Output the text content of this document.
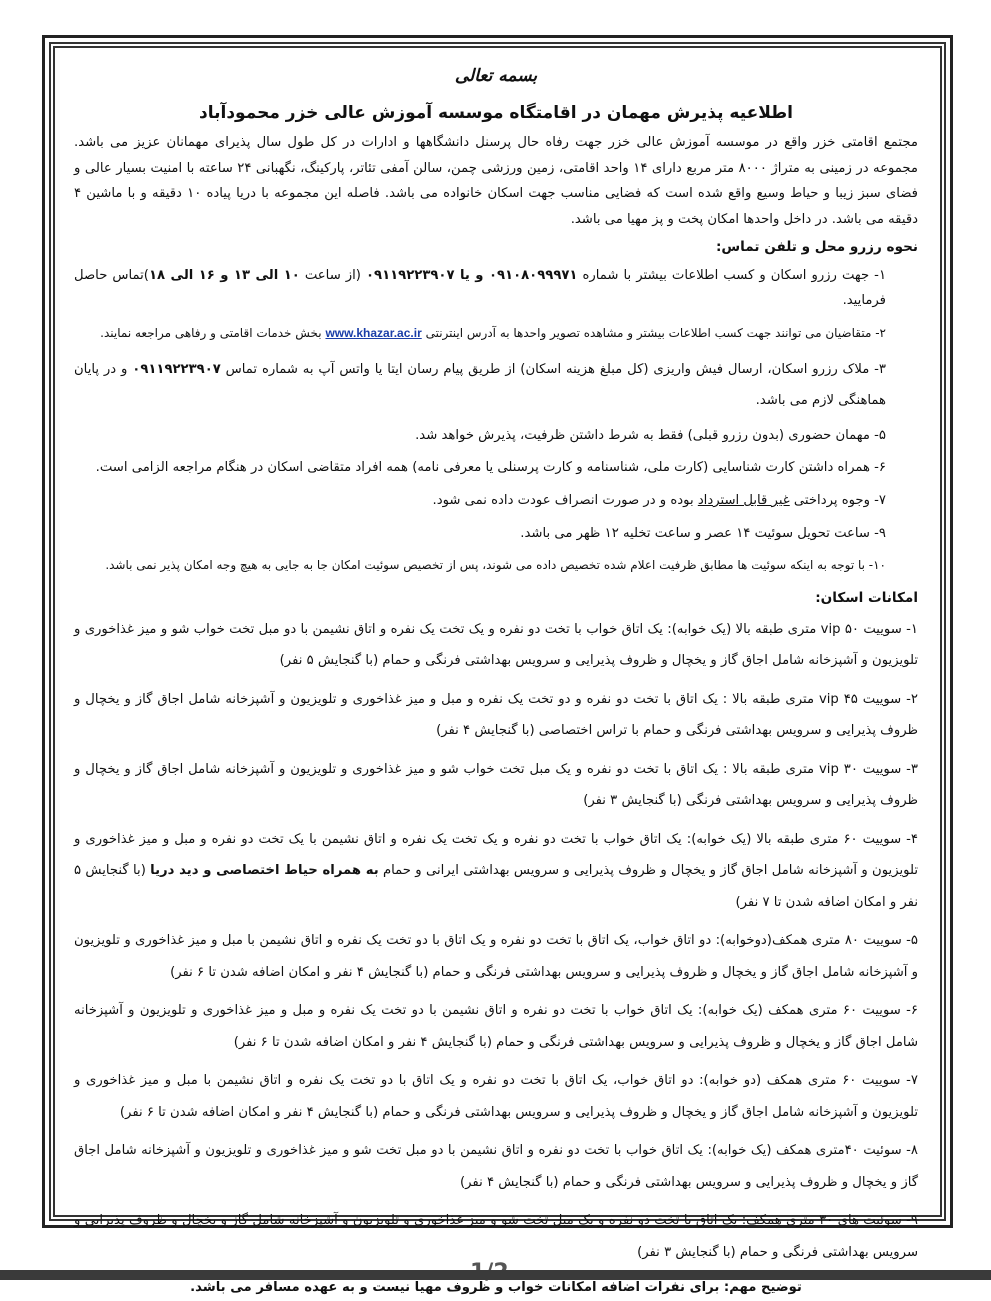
بسمه تعالی
اطلاعیه پذیرش مهمان در اقامتگاه موسسه آموزش عالی خزر محمودآباد
مجتمع اقامتی خزر واقع در موسسه آموزش عالی خزر جهت رفاه حال پرسنل دانشگاهها و ادارات در کل طول سال پذیرای مهمانان عزیز می باشد. مجموعه در زمینی به متراژ ۸۰۰۰ متر مربع دارای ۱۴ واحد اقامتی، زمین ورزشی چمن، سالن آمفی تئاتر، پارکینگ، نگهبانی ۲۴ ساعته با امنیت بسیار عالی و فضای سبز زیبا و حیاط وسیع واقع شده است که فضایی مناسب جهت اسکان خانواده می باشد. فاصله این مجموعه با دریا پیاده ۱۰ دقیقه و با ماشین ۴ دقیقه می باشد. در داخل واحدها امکان پخت و پز مهیا می باشد.
نحوه رزرو محل و تلفن تماس:
۱- جهت رزرو اسکان و کسب اطلاعات بیشتر با شماره ۰۹۱۰۸۰۹۹۹۷۱ و یا ۰۹۱۱۹۲۲۳۹۰۷ (از ساعت ۱۰ الی ۱۳ و ۱۶ الی ۱۸)تماس حاصل فرمایید.
۲- متقاضیان می توانند جهت کسب اطلاعات بیشتر و مشاهده تصویر واحدها به آدرس اینترنتی www.khazar.ac.ir بخش خدمات اقامتی و رفاهی مراجعه نمایند.
۳- ملاک رزرو اسکان، ارسال فیش واریزی (کل مبلغ هزینه اسکان) از طریق پیام رسان ایتا یا واتس آپ به شماره تماس ۰۹۱۱۹۲۲۳۹۰۷ و در پایان هماهنگی لازم می باشد.
۵- مهمان حضوری (بدون رزرو قبلی) فقط به شرط داشتن ظرفیت، پذیرش خواهد شد.
۶- همراه داشتن کارت شناسایی (کارت ملی، شناسنامه و کارت پرسنلی یا معرفی نامه) همه افراد متقاضی اسکان در هنگام مراجعه الزامی است.
۷- وجوه پرداختی غیر قابل استرداد بوده و در صورت انصراف عودت داده نمی شود.
۹- ساعت تحویل سوئیت ۱۴ عصر و ساعت تخلیه ۱۲ ظهر می باشد.
۱۰- با توجه به اینکه سوئیت ها مطابق ظرفیت اعلام شده تخصیص داده می شوند، پس از تخصیص سوئیت امکان جا به جایی به هیچ وجه امکان پذیر نمی باشد.
امکانات اسکان:
۱- سوییت ۵۰ vip متری طبقه بالا (یک خوابه): یک اتاق خواب با تخت دو نفره و یک تخت یک نفره و اتاق نشیمن با دو مبل تخت خواب شو و میز غذاخوری و تلویزیون و آشپزخانه شامل اجاق گاز و یخچال و ظروف پذیرایی و سرویس بهداشتی فرنگی و حمام (با گنجایش ۵ نفر)
۲- سوییت vip ۴۵ متری طبقه بالا : یک اتاق با تخت دو نفره و دو تخت یک نفره و مبل و میز غذاخوری و تلویزیون و آشپزخانه شامل اجاق گاز و یخچال و ظروف پذیرایی و سرویس بهداشتی فرنگی و حمام با تراس اختصاصی (با گنجایش ۴ نفر)
۳- سوییت ۳۰ vip متری طبقه بالا : یک اتاق با تخت دو نفره و یک مبل تخت خواب شو و میز غذاخوری و تلویزیون و آشپزخانه شامل اجاق گاز و یخچال و ظروف پذیرایی و سرویس بهداشتی فرنگی (با گنجایش ۳ نفر)
۴- سوییت ۶۰ متری طبقه بالا (یک خوابه): یک اتاق خواب با تخت دو نفره و یک تخت یک نفره و اتاق نشیمن با یک تخت دو نفره و مبل و میز غذاخوری و تلویزیون و آشپزخانه شامل اجاق گاز و یخچال و ظروف پذیرایی و سرویس بهداشتی ایرانی و حمام به همراه حیاط اختصاصی و دید دریا (با گنجایش ۵ نفر و امکان اضافه شدن تا ۷ نفر)
۵- سوییت ۸۰ متری همکف(دوخوابه): دو اتاق خواب، یک اتاق با تخت دو نفره و یک اتاق با دو تخت یک نفره و اتاق نشیمن با مبل و میز غذاخوری و تلویزیون و آشپزخانه شامل اجاق گاز و یخچال و ظروف پذیرایی و سرویس بهداشتی فرنگی و حمام (با گنجایش ۴ نفر و امکان اضافه شدن تا ۶ نفر)
۶- سوییت ۶۰ متری همکف (یک خوابه): یک اتاق خواب با تخت دو نفره و اتاق نشیمن با دو تخت یک نفره و مبل و میز غذاخوری و تلویزیون و آشپزخانه شامل اجاق گاز و یخچال و ظروف پذیرایی و سرویس بهداشتی فرنگی و حمام (با گنجایش ۴ نفر و امکان اضافه شدن تا ۶ نفر)
۷- سوییت ۶۰ متری همکف (دو خوابه): دو اتاق خواب، یک اتاق با تخت دو نفره و یک اتاق با دو تخت یک نفره و اتاق نشیمن با مبل و میز غذاخوری و تلویزیون و آشپزخانه شامل اجاق گاز و یخچال و ظروف پذیرایی و سرویس بهداشتی فرنگی و حمام (با گنجایش ۴ نفر و امکان اضافه شدن تا ۶ نفر)
۸- سوئیت ۴۰متری همکف (یک خوابه): یک اتاق خواب با تخت دو نفره و اتاق نشیمن با دو مبل تخت شو و میز غذاخوری و تلویزیون و آشپزخانه شامل اجاق گاز و یخچال و ظروف پذیرایی و سرویس بهداشتی فرنگی و حمام (با گنجایش ۴ نفر)
۹- سوئیت های ۳۰ متری همکف: یک اتاق با تخت دو نفره و یک مبل تخت شو و میز غذاخوری و تلویزیون و آشپزخانه شامل گاز و یخچال و ظروف پذیرایی و سرویس بهداشتی فرنگی و حمام (با گنجایش ۳ نفر)
توضیح مهم: برای نفرات اضافه امکانات خواب و ظروف مهیا نیست و به عهده مسافر می باشد.
